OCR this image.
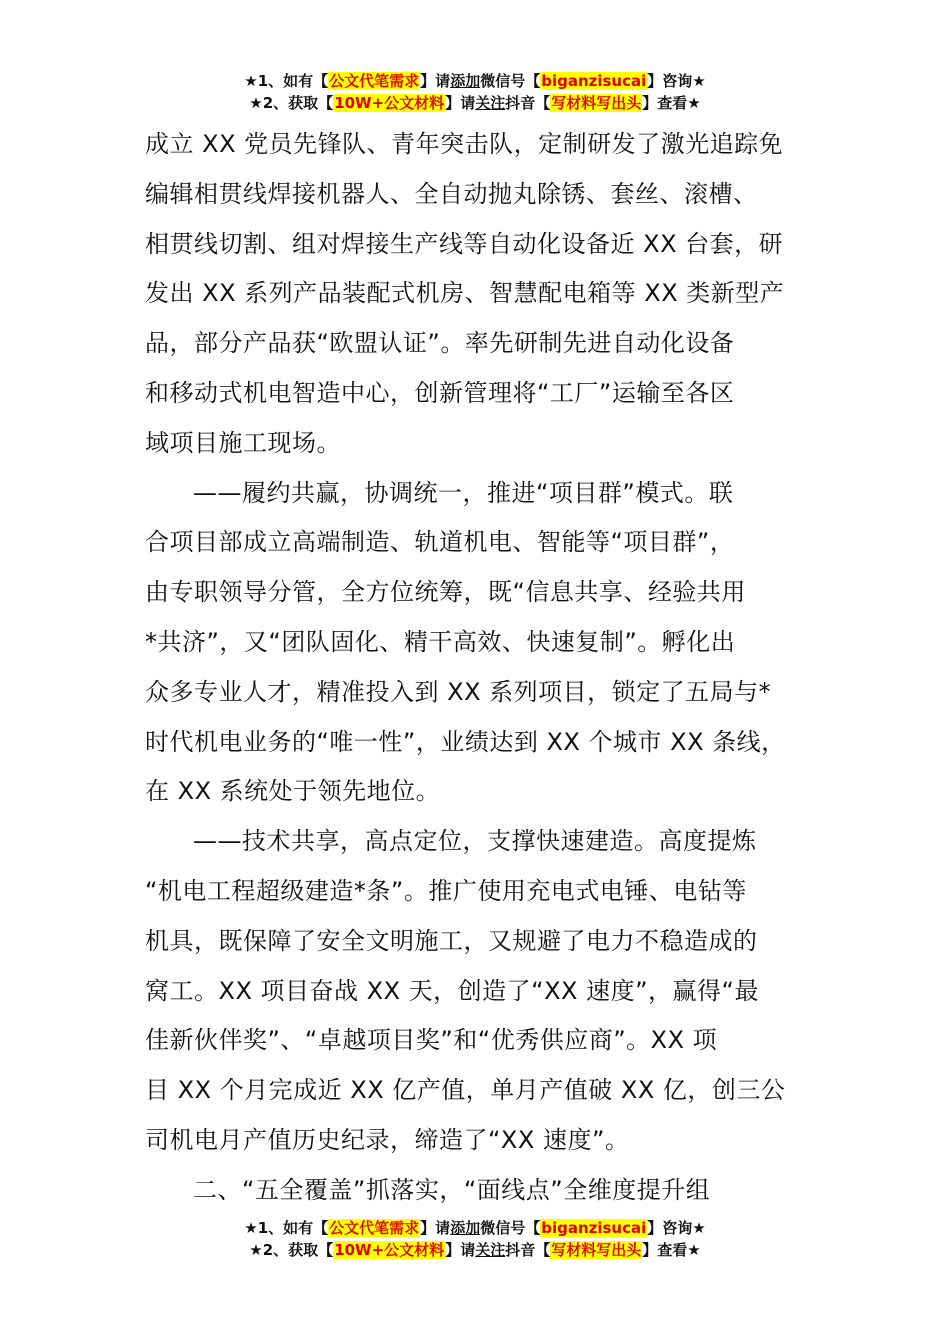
★1、如有【公文代笔需求】请添加微信号【biganzisucai】咨询★
★2、获取【10W+公文材料】请关注抖音【写材料写出头】查看★

成立 XX 党员先锋队、青年突击队，定制研发了激光追踪免

编辑相贯线焊接机器人、全自动抛丸除锈、套丝、滚槽、

相贯线切割、组对焊接生产线等自动化设备近 XX 台套，研

发出 XX 系列产品装配式机房、智慧配电箱等 XX 类新型产

品，部分产品获“欧盟认证”。率先研制先进自动化设备

和移动式机电智造中心，创新管理将“工厂”运输至各区

域项目施工现场。

——履约共赢，协调统一，推进“项目群”模式。联

合项目部成立高端制造、轨道机电、智能等“项目群”，

由专职领导分管，全方位统筹，既“信息共享、经验共用

*共济”，又“团队固化、精干高效、快速复制”。孵化出

众多专业人才，精准投入到 XX 系列项目，锁定了五局与*

时代机电业务的“唯一性”，业绩达到 XX 个城市 XX 条线，

在 XX 系统处于领先地位。

——技术共享，高点定位，支撑快速建造。高度提炼

“机电工程超级建造*条”。推广使用充电式电锤、电钻等

机具，既保障了安全文明施工，又规避了电力不稳造成的

窝工。XX 项目奋战 XX 天，创造了“XX 速度”，赢得“最

佳新伙伴奖”、“卓越项目奖”和“优秀供应商”。XX 项

目 XX 个月完成近 XX 亿产值，单月产值破 XX 亿，创三公

司机电月产值历史纪录，缔造了“XX 速度”。

二、“五全覆盖”抓落实，“面线点”全维度提升组

★1、如有【公文代笔需求】请添加微信号【biganzisucai】咨询★
★2、获取【10W+公文材料】请关注抖音【写材料写出头】查看★
